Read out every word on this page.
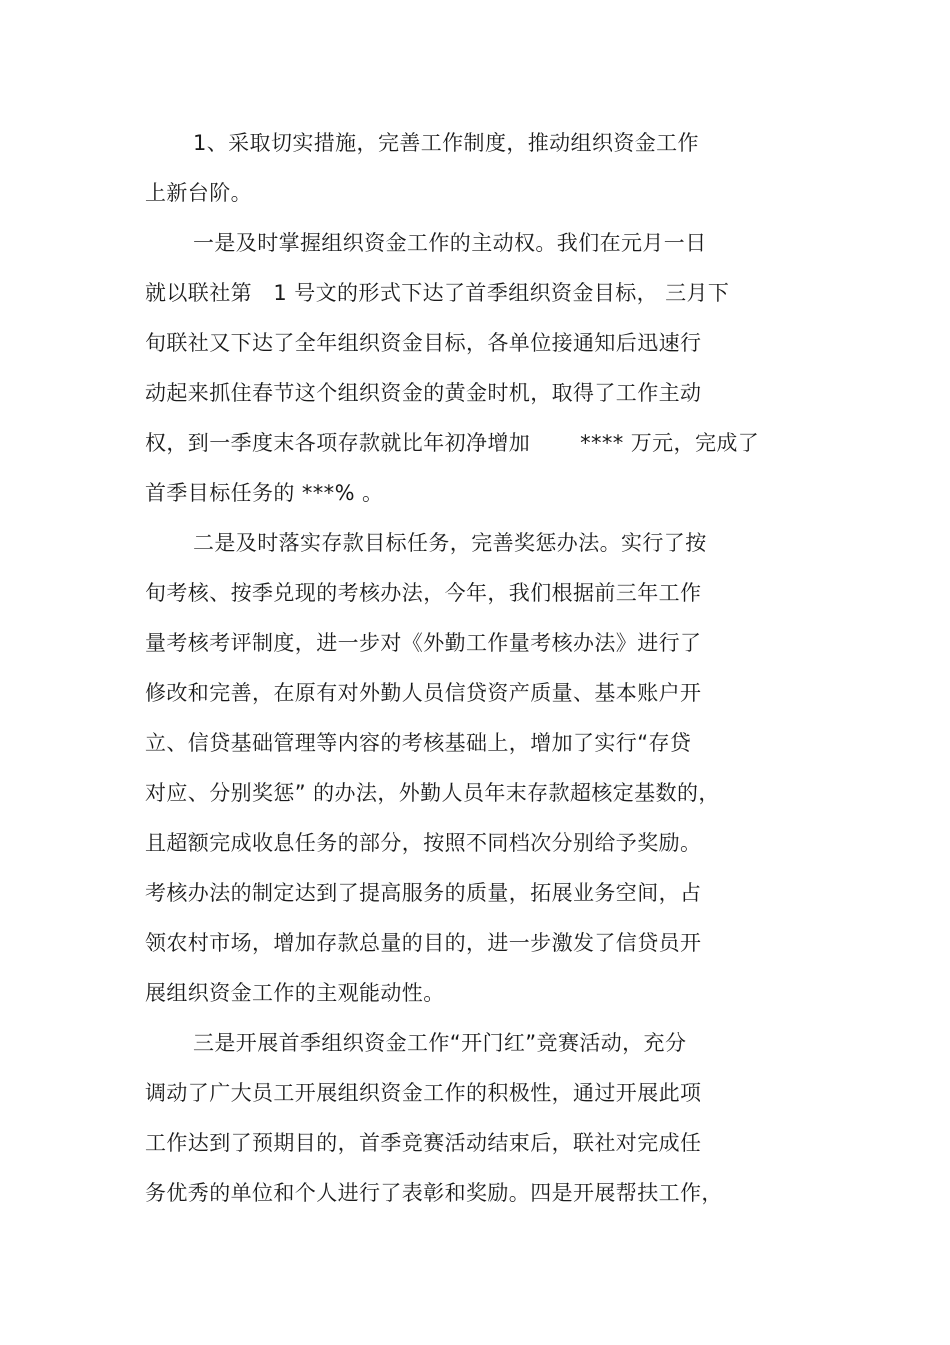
1、采取切实措施，完善工作制度，推动组织资金工作
上新台阶。
一是及时掌握组织资金工作的主动权。我们在元月一日
就以联社第　1 号文的形式下达了首季组织资金目标， 三月下
旬联社又下达了全年组织资金目标，各单位接通知后迅速行
动起来抓住春节这个组织资金的黄金时机，取得了工作主动
权，到一季度末各项存款就比年初净增加　　 **** 万元，完成了
首季目标任务的 ***% 。
二是及时落实存款目标任务，完善奖惩办法。实行了按
旬考核、按季兑现的考核办法，今年，我们根据前三年工作
量考核考评制度，进一步对《外勤工作量考核办法》进行了
修改和完善，在原有对外勤人员信贷资产质量、基本账户开
立、信贷基础管理等内容的考核基础上，增加了实行“存贷
对应、分别奖惩” 的办法，外勤人员年末存款超核定基数的，
且超额完成收息任务的部分，按照不同档次分别给予奖励。
考核办法的制定达到了提高服务的质量，拓展业务空间，占
领农村市场，增加存款总量的目的，进一步激发了信贷员开
展组织资金工作的主观能动性。
三是开展首季组织资金工作“开门红”竞赛活动，充分
调动了广大员工开展组织资金工作的积极性，通过开展此项
工作达到了预期目的，首季竞赛活动结束后，联社对完成任
务优秀的单位和个人进行了表彰和奖励。四是开展帮扶工作，
